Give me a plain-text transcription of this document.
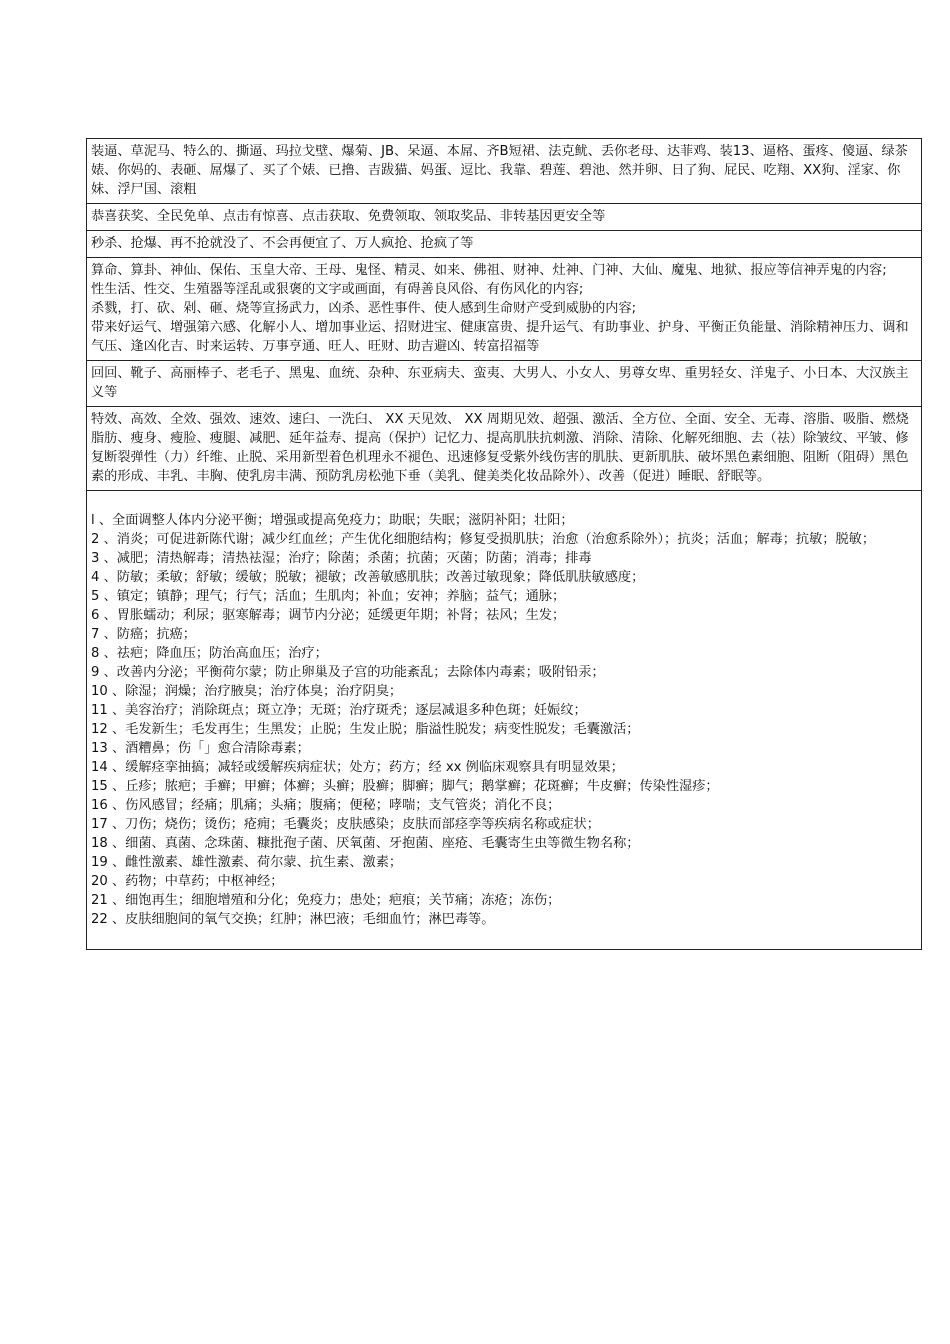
装逼、草泥马、特么的、撕逼、玛拉戈壁、爆菊、JB、呆逼、本屌、齐B短裙、法克鱿、丢你老母、达菲鸡、装13、逼格、蛋疼、傻逼、绿茶婊、你妈的、表砸、屌爆了、买了个婊、已撸、吉跋猫、妈蛋、逗比、我靠、碧莲、碧池、然并卵、日了狗、屁民、吃翔、XX狗、淫家、你妹、浮尸国、滚粗

恭喜获奖、全民免单、点击有惊喜、点击获取、免费领取、领取奖品、非转基因更安全等

秒杀、抢爆、再不抢就没了、不会再便宜了、万人疯抢、抢疯了等

算命、算卦、神仙、保佑、玉皇大帝、王母、鬼怪、精灵、如来、佛祖、财神、灶神、门神、大仙、魔鬼、地狱、报应等信神弄鬼的内容;

性生活、性交、生殖器等淫乱或狠褒的文字或画面，有碍善良风俗、有伤风化的内容;

杀戮，打、砍、剁、砸、烧等宣扬武力，凶杀、恶性事件、使人感到生命财产受到威胁的内容;

带来好运气、增强第六感、化解小人、增加事业运、招财进宝、健康富贵、提升运气、有助事业、护身、平衡正负能量、消除精神压力、调和气压、逢凶化吉、时来运转、万事亨通、旺人、旺财、助吉避凶、转富招福等

回回、靴子、高丽棒子、老毛子、黑鬼、血统、杂种、东亚病夫、蛮夷、大男人、小女人、男尊女卑、重男轻女、洋鬼子、小日本、大汉族主义等

特效、高效、全效、强效、速效、速臼、一洗臼、 XX 天见效、 XX 周期见效、超强、激活、全方位、全面、安全、无毒、溶脂、吸脂、燃烧脂肪、瘦身、瘦脸、瘦腿、减肥、延年益寿、提高（保护）记忆力、提高肌肤抗刺激、消除、清除、化解死细胞、去（祛）除皱纹、平皱、修复断裂弹性（力）纤维、止脱、采用新型着色机理永不褪色、迅速修复受紫外线伤害的肌肤、更新肌肤、破坏黑色素细胞、阻断（阻碍）黑色素的形成、丰乳、丰胸、使乳房丰满、预防乳房松弛下垂（美乳、健美类化妆品除外）、改善（促进）睡眠、舒眠等。

l 、全面调整人体内分泌平衡；增强或提高免疫力；助眠；失眠；滋阴补阳；壮阳；

2 、消炎；可促进新陈代谢；减少红血丝；产生优化细胞结构；修复受损肌肤；治愈（治愈系除外）；抗炎；活血；解毒；抗敏；脱敏；

3 、减肥；清热解毒；清热袪湿；治疗；除菌；杀菌；抗菌；灭菌；防菌；消毒；排毒

4 、防敏；柔敏；舒敏；缓敏；脱敏；褪敏；改善敏感肌肤；改善过敏现象；降低肌肤敏感度；

5 、镇定；镇静；理气；行气；活血；生肌肉；补血；安神；养脑；益气；通脉；

6 、胃胀蠕动；利尿；驱寒解毒；调节内分泌；延缓更年期；补肾；祛风；生发；

7 、防癌；抗癌；

8 、祛疤；降血压；防治高血压；治疗；

9 、改善内分泌；平衡荷尔蒙；防止卵巢及子宫的功能紊乱；去除体内毒素；吸附铅汞；

10 、除湿；润燥；治疗腋臭；治疗体臭；治疗阴臭；

11 、美容治疗；消除斑点；斑立净；无斑；治疗斑秃；逐层减退多种色斑；妊娠纹；

12 、毛发新生；毛发再生；生黑发；止脱；生发止脱；脂溢性脱发；病变性脱发；毛囊激活；

13 、酒糟鼻；伤「」愈合清除毒素；

14 、缓解痉挛抽搞；减轻或缓解疾病症状；处方；药方；经 xx 例临床观察具有明显效果；

15 、丘疹；脓疤；手癣；甲癣；体癣；头癣；股癣；脚癣；脚气；鹅掌癣；花斑癣；牛皮癣；传染性湿疹；

16 、伤风感冒；经痛；肌痛；头痛；腹痛；便秘；哮喘；支气管炎；消化不良；

17 、刀伤；烧伤；烫伤；疮痈；毛囊炎；皮肤感染；皮肤而部痉孪等疾病名称或症状；

18 、细菌、真菌、念珠菌、糠批孢子菌、厌氧菌、牙抱菌、座疮、毛囊寄生虫等微生物名称；

19 、雌性激素、雄性激素、荷尔蒙、抗生素、激素；

20 、药物；中草药；中枢神经；

21 、细饱再生；细胞增殖和分化；免疫力；患处；疤痕；关节痛；冻疮；冻伤；

22 、皮肤细胞间的氧气交换；红肿；淋巴液；毛细血竹；淋巴毒等。
